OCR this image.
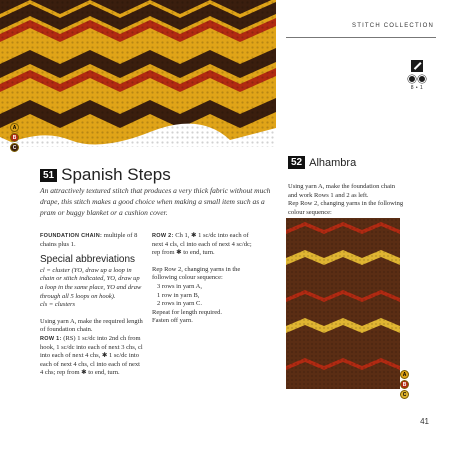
STITCH COLLECTION
8 • 1
A
B
C
51 Spanish Steps
An attractively textured stitch that produces a very thick fabric without much drape, this stitch makes a good choice when making a small item such as a pram or buggy blanket or a cushion cover.
FOUNDATION CHAIN: multiple of 8 chains plus 1.
Special abbreviations
cl = cluster (YO, draw up a loop in chain or stitch indicated, YO, draw up a loop in the same place, YO and draw through all 5 loops on hook).
cls = clusters
Using yarn A, make the required length of foundation chain.
ROW 1: (RS) 1 sc/dc into 2nd ch from hook, 1 sc/dc into each of next 3 chs, cl into each of next 4 chs, ✱ 1 sc/dc into each of next 4 chs, cl into each of next 4 chs; rep from ✱ to end, turn.
ROW 2: Ch 1, ✱ 1 sc/dc into each of next 4 cls, cl into each of next 4 sc/dc; rep from ✱ to end, turn.
Rep Row 2, changing yarns in the following colour sequence:
3 rows in yarn A,
1 row in yarn B,
2 rows in yarn C.
Repeat for length required.
Fasten off yarn.
52 Alhambra
Using yarn A, make the foundation chain and work Rows 1 and 2 as left.
Rep Row 2, changing yarns in the following colour sequence:
A
B
C
41
